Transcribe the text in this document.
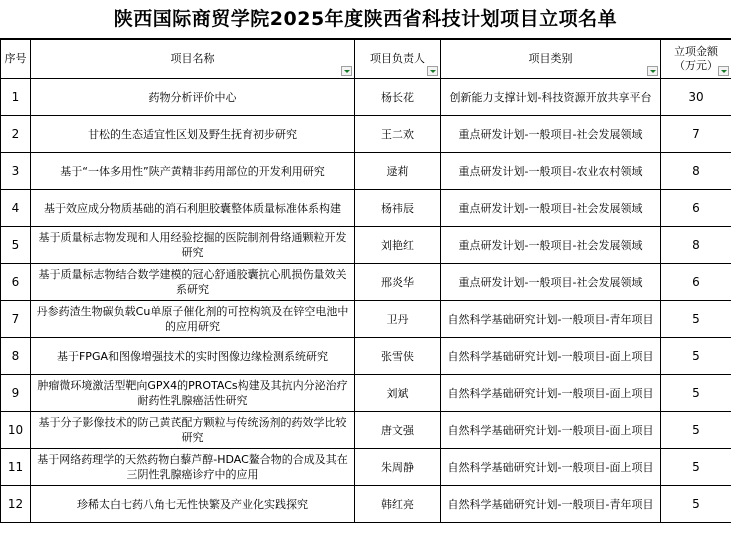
陕西国际商贸学院2025年度陕西省科技计划项目立项名单
序号	项目名称	项目负责人	项目类别	立项金额
（万元）

1	药物分析评价中心	杨长花	创新能力支撑计划-科技资源开放共享平台	30
2	甘松的生态适宜性区划及野生抚育初步研究	王二欢	重点研发计划-一般项目-社会发展领域	7
3	基于“一体多用性”陕产黄精非药用部位的开发利用研究	逯莉	重点研发计划-一般项目-农业农村领域	8
4	基于效应成分物质基础的消石利胆胶囊整体质量标准体系构建	杨祎辰	重点研发计划-一般项目-社会发展领域	6
5	基于质量标志物发现和人用经验挖掘的医院制剂骨络通颗粒开发研究	刘艳红	重点研发计划-一般项目-社会发展领域	8
6	基于质量标志物结合数学建模的冠心舒通胶囊抗心肌损伤量效关系研究	邢炎华	重点研发计划-一般项目-社会发展领域	6
7	丹参药渣生物碳负载Cu单原子催化剂的可控构筑及在锌空电池中的应用研究	卫丹	自然科学基础研究计划-一般项目-青年项目	5
8	基于FPGA和图像增强技术的实时图像边缘检测系统研究	张雪侠	自然科学基础研究计划-一般项目-面上项目	5
9	肿瘤微环境激活型靶向GPX4的PROTACs构建及其抗内分泌治疗耐药性乳腺癌活性研究	刘斌	自然科学基础研究计划-一般项目-面上项目	5
10	基于分子影像技术的防己黄芪配方颗粒与传统汤剂的药效学比较研究	唐文强	自然科学基础研究计划-一般项目-面上项目	5
11	基于网络药理学的天然药物白藜芦醇-HDAC鳌合物的合成及其在三阴性乳腺癌诊疗中的应用	朱周静	自然科学基础研究计划-一般项目-面上项目	5
12	珍稀太白七药八角七无性快繁及产业化实践探究	韩红亮	自然科学基础研究计划-一般项目-青年项目	5
